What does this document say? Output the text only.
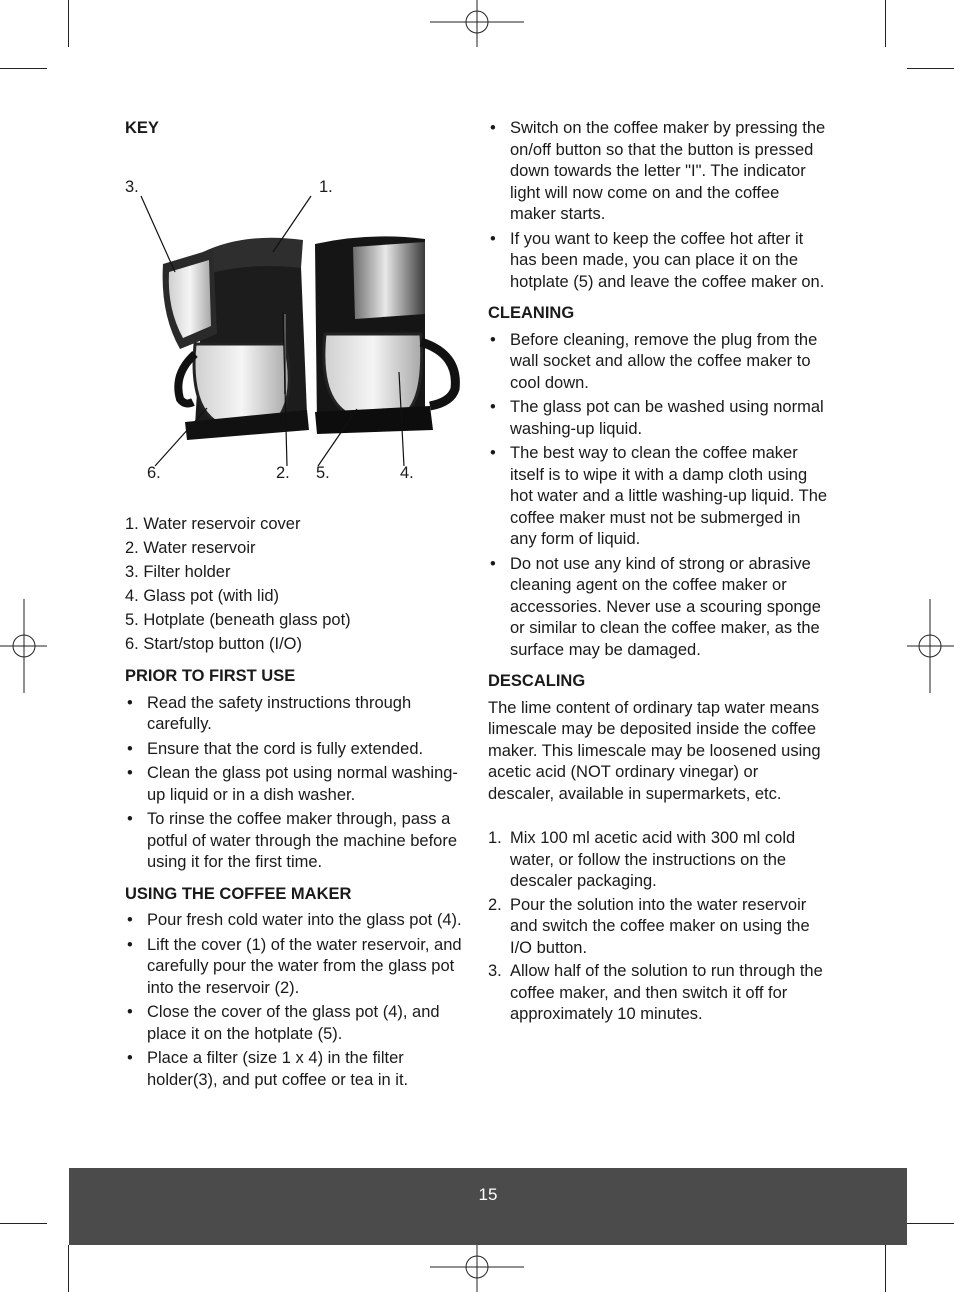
KEY
3.	1.
6.	2. 5.	4.
1. Water reservoir cover
2. Water reservoir
3. Filter holder
4. Glass pot (with lid)
5. Hotplate (beneath glass pot)
6. Start/stop button (I/O)
PRIOR TO FIRST USE
• Read the safety instructions through carefully.
• Ensure that the cord is fully extended.
• Clean the glass pot using normal washing-up liquid or in a dish washer.
• To rinse the coffee maker through, pass a potful of water through the machine before using it for the first time.
USING THE COFFEE MAKER
• Pour fresh cold water into the glass pot (4).
• Lift the cover (1) of the water reservoir, and carefully pour the water from the glass pot into the reservoir (2).
• Close the cover of the glass pot (4), and place it on the hotplate (5).
• Place a filter (size 1 x 4) in the filter holder(3), and put coffee or tea in it.
• Switch on the coffee maker by pressing the on/off button so that the button is pressed down towards the letter "I". The indicator light will now come on and the coffee maker starts.
• If you want to keep the coffee hot after it has been made, you can place it on the hotplate (5) and leave the coffee maker on.
CLEANING
• Before cleaning, remove the plug from the wall socket and allow the coffee maker to cool down.
• The glass pot can be washed using normal washing-up liquid.
• The best way to clean the coffee maker itself is to wipe it with a damp cloth using hot water and a little washing-up liquid. The coffee maker must not be submerged in any form of liquid.
• Do not use any kind of strong or abrasive cleaning agent on the coffee maker or accessories. Never use a scouring sponge or similar to clean the coffee maker, as the surface may be damaged.
DESCALING

The lime content of ordinary tap water means limescale may be deposited inside the coffee maker. This limescale may be loosened using acetic acid (NOT ordinary vinegar) or descaler, available in supermarkets, etc.

1. Mix 100 ml acetic acid with 300 ml cold water, or follow the instructions on the descaler packaging.
2. Pour the solution into the water reservoir and switch the coffee maker on using the I/O button.
3. Allow half of the solution to run through the coffee maker, and then switch it off for approximately 10 minutes.
15
